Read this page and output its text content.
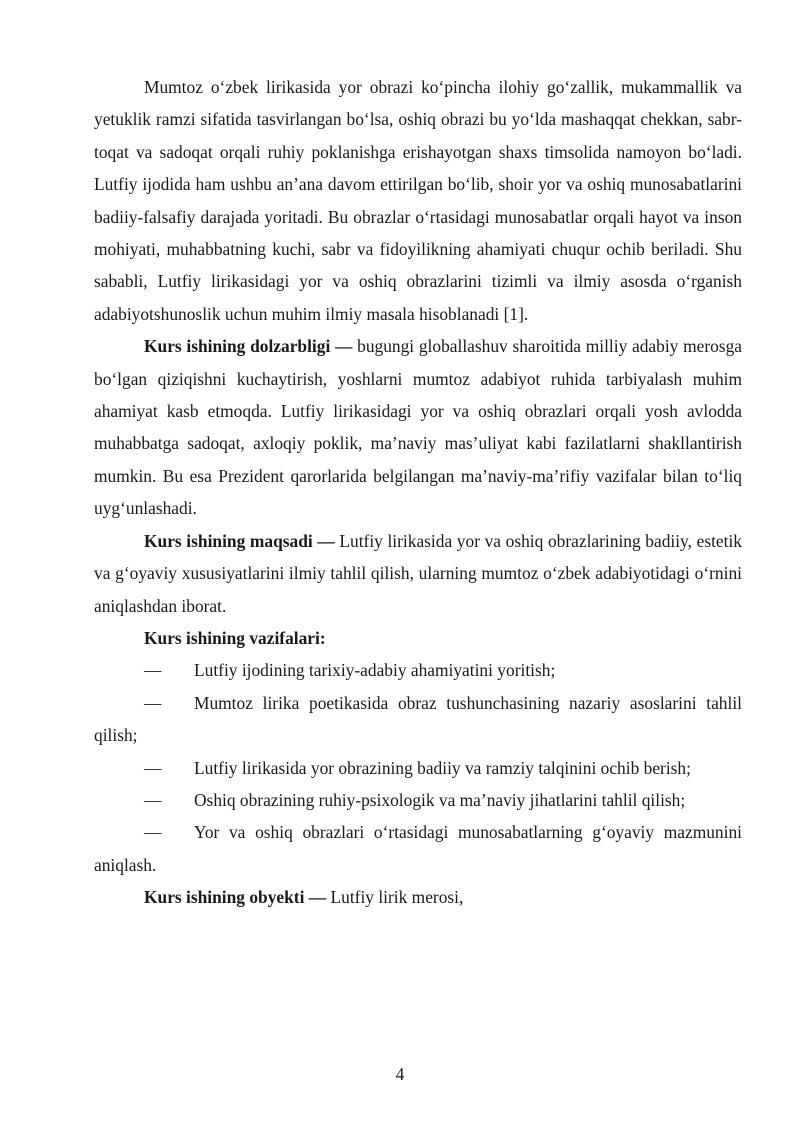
Mumtoz o‘zbek lirikasida yor obrazi ko‘pincha ilohiy go‘zallik, mukammallik va yetuklik ramzi sifatida tasvirlangan bo‘lsa, oshiq obrazi bu yo‘lda mashaqqat chekkan, sabr-toqat va sadoqat orqali ruhiy poklanishga erishayotgan shaxs timsolida namoyon bo‘ladi. Lutfiy ijodida ham ushbu an’ana davom ettirilgan bo‘lib, shoir yor va oshiq munosabatlarini badiiy-falsafiy darajada yoritadi. Bu obrazlar o‘rtasidagi munosabatlar orqali hayot va inson mohiyati, muhabbatning kuchi, sabr va fidoyilikning ahamiyati chuqur ochib beriladi. Shu sababli, Lutfiy lirikasidagi yor va oshiq obrazlarini tizimli va ilmiy asosda o‘rganish adabiyotshunoslik uchun muhim ilmiy masala hisoblanadi [1].

Kurs ishining dolzarbligi — bugungi globallashuv sharoitida milliy adabiy merosga bo‘lgan qiziqishni kuchaytirish, yoshlarni mumtoz adabiyot ruhida tarbiyalash muhim ahamiyat kasb etmoqda. Lutfiy lirikasidagi yor va oshiq obrazlari orqali yosh avlodda muhabbatga sadoqat, axloqiy poklik, ma’naviy mas’uliyat kabi fazilatlarni shakllantirish mumkin. Bu esa Prezident qarorlarida belgilangan ma’naviy-ma’rifiy vazifalar bilan to‘liq uyg‘unlashadi.

Kurs ishining maqsadi — Lutfiy lirikasida yor va oshiq obrazlarining badiiy, estetik va g‘oyaviy xususiyatlarini ilmiy tahlil qilish, ularning mumtoz o‘zbek adabiyotidagi o‘rnini aniqlashdan iborat.

Kurs ishining vazifalari:

— Lutfiy ijodining tarixiy-adabiy ahamiyatini yoritish;

— Mumtoz lirika poetikasida obraz tushunchasining nazariy asoslarini tahlil qilish;

— Lutfiy lirikasida yor obrazining badiiy va ramziy talqinini ochib berish;

— Oshiq obrazining ruhiy-psixologik va ma’naviy jihatlarini tahlil qilish;

— Yor va oshiq obrazlari o‘rtasidagi munosabatlarning g‘oyaviy mazmunini aniqlash.

Kurs ishining obyekti — Lutfiy lirik merosi,

4
